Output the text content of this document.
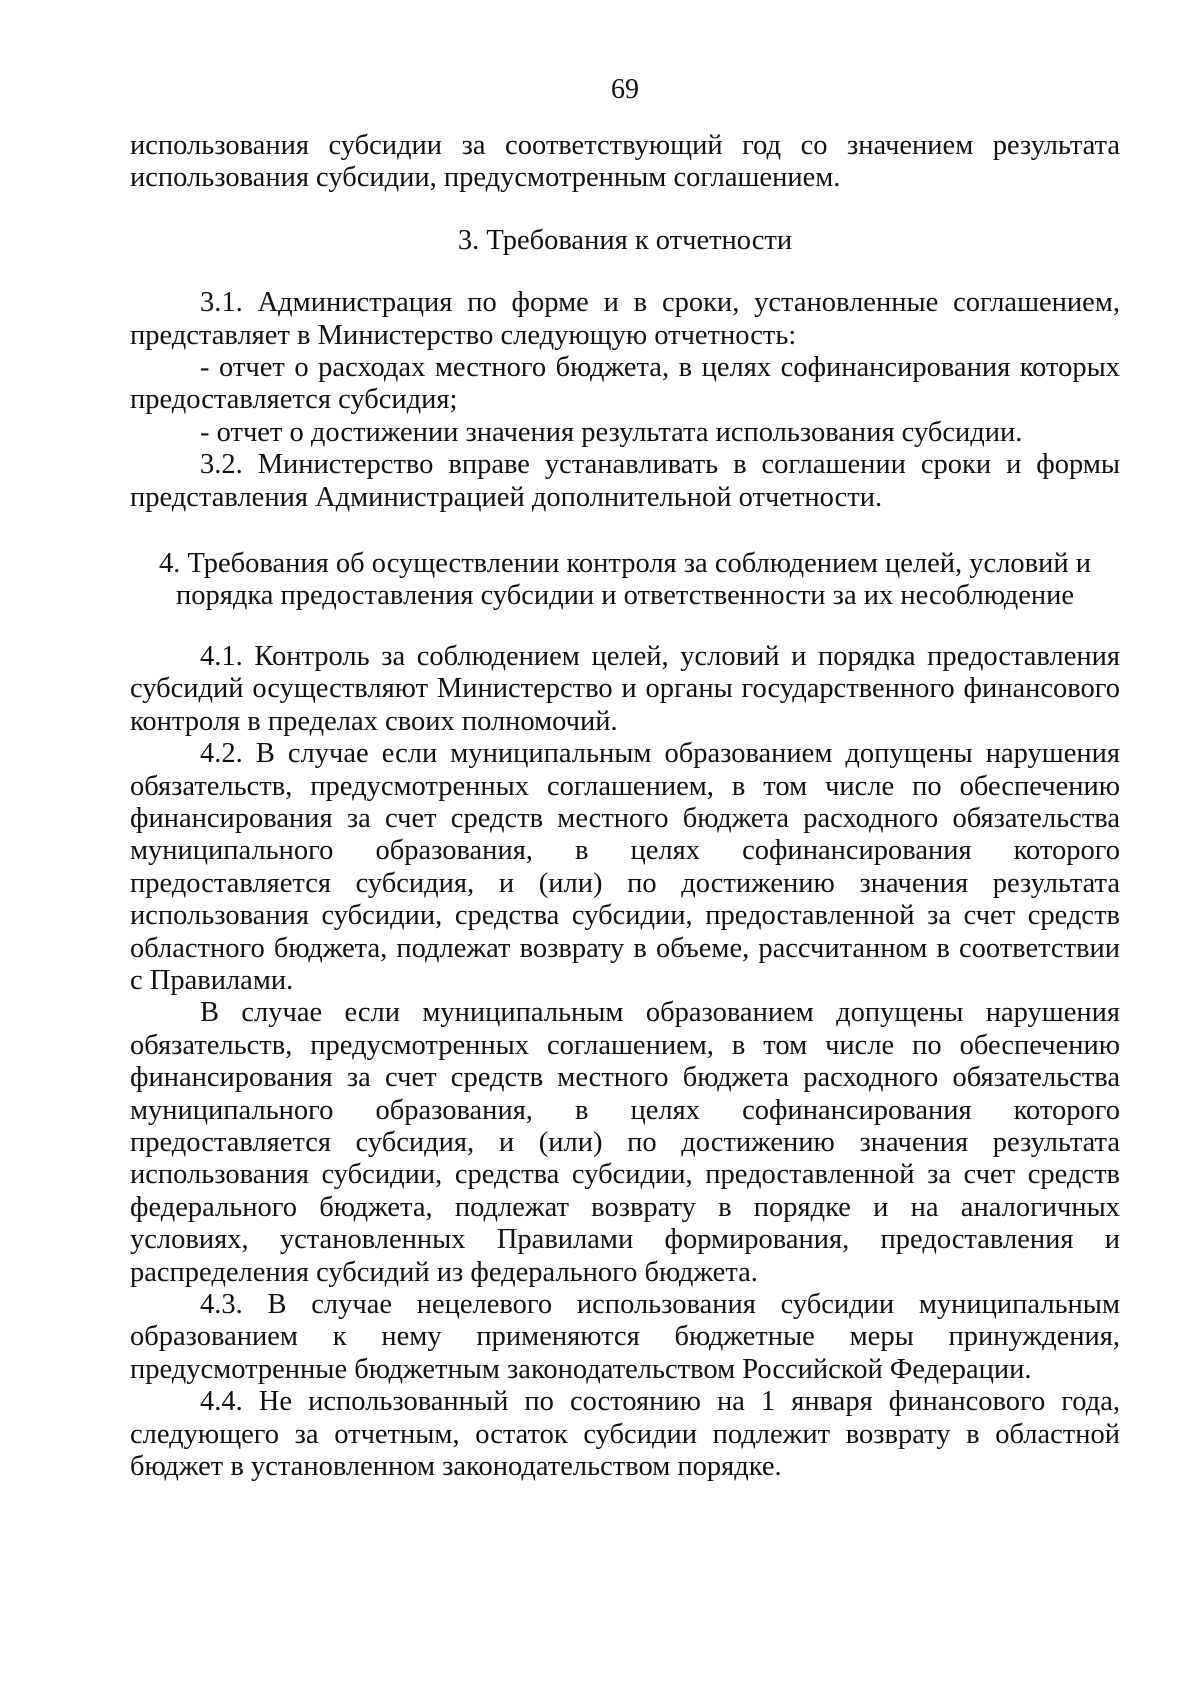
69

использования субсидии за соответствующий год со значением результата использования субсидии, предусмотренным соглашением.

3. Требования к отчетности

3.1. Администрация по форме и в сроки, установленные соглашением, представляет в Министерство следующую отчетность:

- отчет о расходах местного бюджета, в целях софинансирования которых предоставляется субсидия;

- отчет о достижении значения результата использования субсидии.

3.2. Министерство вправе устанавливать в соглашении сроки и формы представления Администрацией дополнительной отчетности.

4. Требования об осуществлении контроля за соблюдением целей, условий и

порядка предоставления субсидии и ответственности за их несоблюдение

4.1. Контроль за соблюдением целей, условий и порядка предоставления субсидий осуществляют Министерство и органы государственного финансового контроля в пределах своих полномочий.

4.2. В случае если муниципальным образованием допущены нарушения обязательств, предусмотренных соглашением, в том числе по обеспечению финансирования за счет средств местного бюджета расходного обязательства муниципального образования, в целях софинансирования которого предоставляется субсидия, и (или) по достижению значения результата использования субсидии, средства субсидии, предоставленной за счет средств областного бюджета, подлежат возврату в объеме, рассчитанном в соответствии с Правилами.

В случае если муниципальным образованием допущены нарушения обязательств, предусмотренных соглашением, в том числе по обеспечению финансирования за счет средств местного бюджета расходного обязательства муниципального образования, в целях софинансирования которого предоставляется субсидия, и (или) по достижению значения результата использования субсидии, средства субсидии, предоставленной за счет средств федерального бюджета, подлежат возврату в порядке и на аналогичных условиях, установленных Правилами формирования, предоставления и распределения субсидий из федерального бюджета.

4.3. В случае нецелевого использования субсидии муниципальным образованием к нему применяются бюджетные меры принуждения, предусмотренные бюджетным законодательством Российской Федерации.

4.4. Не использованный по состоянию на 1 января финансового года, следующего за отчетным, остаток субсидии подлежит возврату в областной бюджет в установленном законодательством порядке.
